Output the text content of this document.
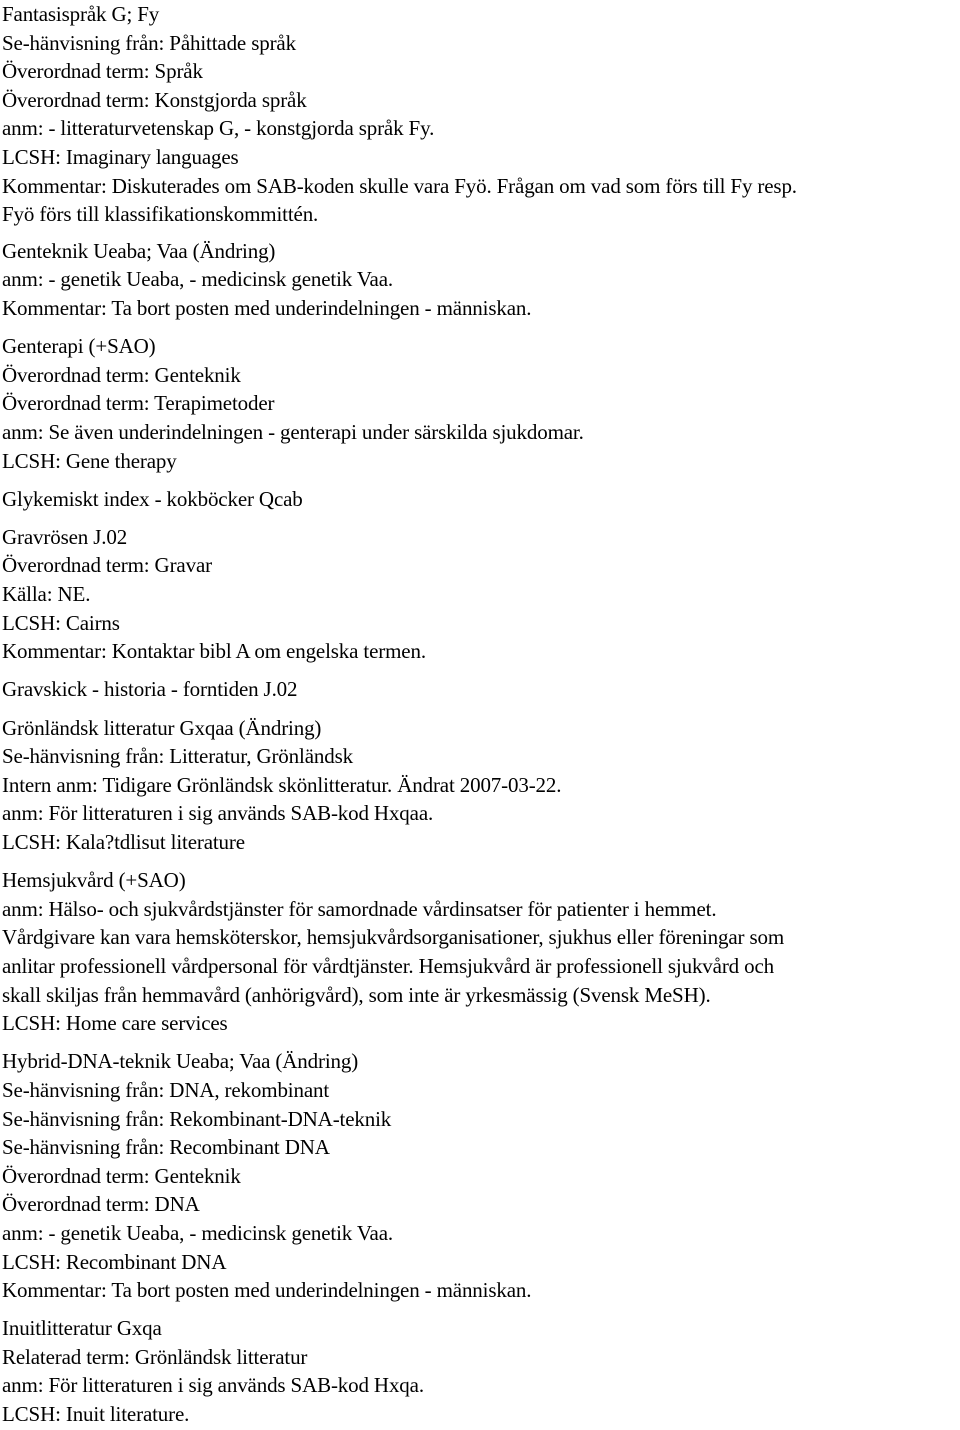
Fantasispråk G; Fy
Se-hänvisning från: Påhittade språk
Överordnad term: Språk
Överordnad term: Konstgjorda språk
anm: - litteraturvetenskap G, - konstgjorda språk Fy.
LCSH: Imaginary languages
Kommentar: Diskuterades om SAB-koden skulle vara Fyö. Frågan om vad som förs till Fy resp.
Fyö förs till klassifikationskommittén.
Genteknik Ueaba; Vaa (Ändring)
anm: - genetik Ueaba, - medicinsk genetik Vaa.
Kommentar: Ta bort posten med underindelningen - människan.
Genterapi (+SAO)
Överordnad term: Genteknik
Överordnad term: Terapimetoder
anm: Se även underindelningen - genterapi under särskilda sjukdomar.
LCSH: Gene therapy
Glykemiskt index - kokböcker Qcab
Gravrösen J.02
Överordnad term: Gravar
Källa: NE.
LCSH: Cairns
Kommentar: Kontaktar bibl A om engelska termen.
Gravskick - historia - forntiden J.02
Grönländsk litteratur Gxqaa (Ändring)
Se-hänvisning från: Litteratur, Grönländsk
Intern anm: Tidigare Grönländsk skönlitteratur. Ändrat 2007-03-22.
anm: För litteraturen i sig används SAB-kod Hxqaa.
LCSH: Kala?tdlisut literature
Hemsjukvård (+SAO)
anm: Hälso- och sjukvårdstjänster för samordnade vårdinsatser för patienter i hemmet.
Vårdgivare kan vara hemsköterskor, hemsjukvårdsorganisationer, sjukhus eller föreningar som
anlitar professionell vårdpersonal för vårdtjänster. Hemsjukvård är professionell sjukvård och
skall skiljas från hemmavård (anhörigvård), som inte är yrkesmässig (Svensk MeSH).
LCSH: Home care services
Hybrid-DNA-teknik Ueaba; Vaa (Ändring)
Se-hänvisning från: DNA, rekombinant
Se-hänvisning från: Rekombinant-DNA-teknik
Se-hänvisning från: Recombinant DNA
Överordnad term: Genteknik
Överordnad term: DNA
anm: - genetik Ueaba, - medicinsk genetik Vaa.
LCSH: Recombinant DNA
Kommentar: Ta bort posten med underindelningen - människan.
Inuitlitteratur Gxqa
Relaterad term: Grönländsk litteratur
anm: För litteraturen i sig används SAB-kod Hxqa.
LCSH: Inuit literature.
